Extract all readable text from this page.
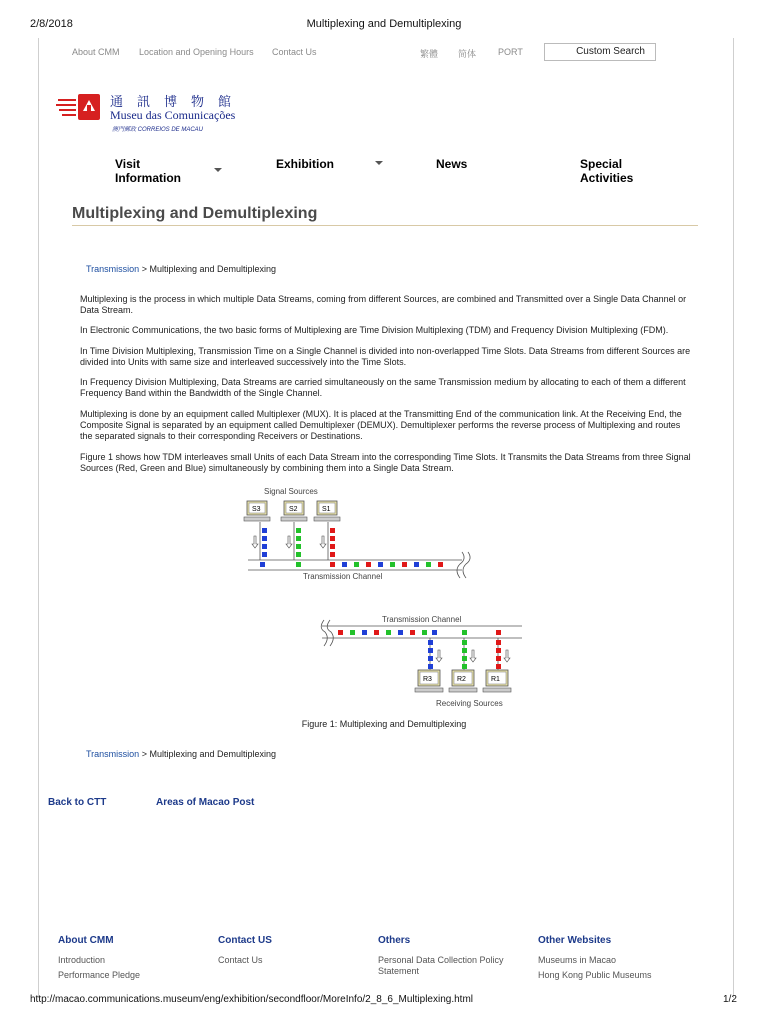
2/8/2018	Multiplexing and Demultiplexing
About CMM Location and Opening Hours Contact Us	繁體 简体 PORT	Custom Search
通訊博物館
Museu das Comunicações
澳門郵政 CORREIOS DE MACAU
Visit Information
Exhibition	News	Special Activities
Multiplexing and Demultiplexing
Transmission > Multiplexing and Demultiplexing
Multiplexing is the process in which multiple Data Streams, coming from different Sources, are combined and Transmitted over a Single Data Channel or Data Stream.
In Electronic Communications, the two basic forms of Multiplexing are Time Division Multiplexing (TDM) and Frequency Division Multiplexing (FDM).
In Time Division Multiplexing, Transmission Time on a Single Channel is divided into non-overlapped Time Slots. Data Streams from different Sources are divided into Units with same size and interleaved successively into the Time Slots.
In Frequency Division Multiplexing, Data Streams are carried simultaneously on the same Transmission medium by allocating to each of them a different Frequency Band within the Bandwidth of the Single Channel.
Multiplexing is done by an equipment called Multiplexer (MUX). It is placed at the Transmitting End of the communication link. At the Receiving End, the Composite Signal is separated by an equipment called Demultiplexer (DEMUX). Demultiplexer performs the reverse process of Multiplexing and routes the separated signals to their corresponding Receivers or Destinations.
Figure 1 shows how TDM interleaves small Units of each Data Stream into the corresponding Time Slots. It Transmits the Data Streams from three Signal Sources (Red, Green and Blue) simultaneously by combining them into a Single Data Stream.
Signal Sources
S3	S2	S1
Transmission Channel
Transmission Channel
R3	R2	R1
Receiving Sources
Figure 1: Multiplexing and Demultiplexing
Transmission > Multiplexing and Demultiplexing
Back to CTT	Areas of Macao Post
About CMM
Introduction
Performance Pledge
Contact US
Contact Us
Others
Personal Data Collection Policy Statement
Other Websites
Museums in Macao
Hong Kong Public Museums
http://macao.communications.museum/eng/exhibition/secondfloor/MoreInfo/2_8_6_Multiplexing.html	1/2
